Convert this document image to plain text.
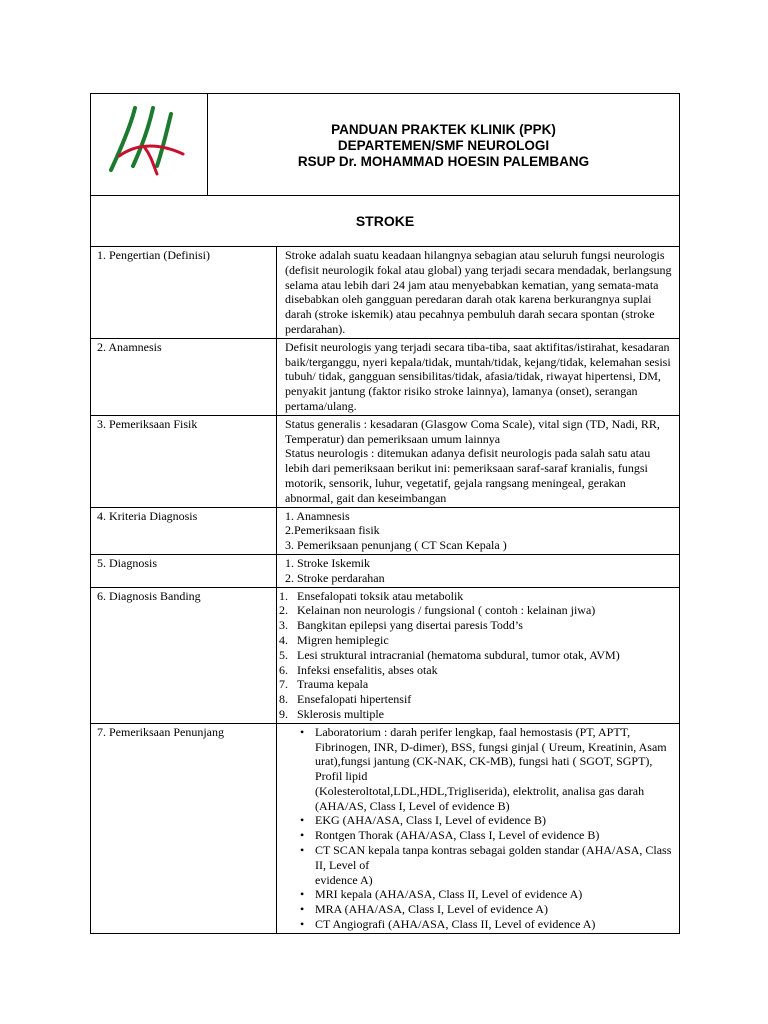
PANDUAN PRAKTEK KLINIK (PPK)
DEPARTEMEN/SMF NEUROLOGI
RSUP Dr. MOHAMMAD HOESIN PALEMBANG
STROKE
1. Pengertian (Definisi)	Stroke adalah suatu keadaan hilangnya sebagian atau seluruh fungsi neurologis (defisit neurologik fokal atau global) yang terjadi secara mendadak, berlangsung selama atau lebih dari 24 jam atau menyebabkan kematian, yang semata-mata disebabkan oleh gangguan peredaran darah otak karena berkurangnya suplai darah (stroke iskemik) atau pecahnya pembuluh darah secara spontan (stroke perdarahan).
2. Anamnesis	Defisit neurologis yang terjadi secara tiba-tiba, saat aktifitas/istirahat, kesadaran baik/terganggu, nyeri kepala/tidak, muntah/tidak, kejang/tidak, kelemahan sesisi tubuh/ tidak, gangguan sensibilitas/tidak, afasia/tidak, riwayat hipertensi, DM, penyakit jantung (faktor risiko stroke lainnya), lamanya (onset), serangan pertama/ulang.
3. Pemeriksaan Fisik	Status generalis : kesadaran (Glasgow Coma Scale), vital sign (TD, Nadi, RR, Temperatur) dan pemeriksaan umum lainnya
Status neurologis : ditemukan adanya defisit neurologis pada salah satu atau lebih dari pemeriksaan berikut ini: pemeriksaan saraf-saraf kranialis, fungsi motorik, sensorik, luhur, vegetatif, gejala rangsang meningeal, gerakan abnormal, gait dan keseimbangan
4. Kriteria Diagnosis	1. Anamnesis
2.Pemeriksaan fisik
3. Pemeriksaan penunjang ( CT Scan Kepala )
5. Diagnosis	1. Stroke Iskemik
2. Stroke perdarahan
6. Diagnosis Banding	1. Ensefalopati toksik atau metabolik
2. Kelainan non neurologis / fungsional ( contoh : kelainan jiwa)
3. Bangkitan epilepsi yang disertai paresis Todd’s
4. Migren hemiplegic
5. Lesi struktural intracranial (hematoma subdural, tumor otak, AVM)
6. Infeksi ensefalitis, abses otak
7. Trauma kepala
8. Ensefalopati hipertensif
9. Sklerosis multiple
7. Pemeriksaan Penunjang	• Laboratorium : darah perifer lengkap, faal hemostasis (PT, APTT, Fibrinogen, INR, D-dimer), BSS, fungsi ginjal ( Ureum, Kreatinin, Asam urat),fungsi jantung (CK-NAK, CK-MB), fungsi hati ( SGOT, SGPT), Profil lipid
(Kolesteroltotal,LDL,HDL,Trigliserida), elektrolit, analisa gas darah (AHA/AS, Class I, Level of evidence B)
• EKG (AHA/ASA, Class I, Level of evidence B)
• Rontgen Thorak (AHA/ASA, Class I, Level of evidence B)
• CT SCAN kepala tanpa kontras sebagai golden standar (AHA/ASA, Class II, Level of
evidence A)
• MRI kepala (AHA/ASA, Class II, Level of evidence A)
• MRA (AHA/ASA, Class I, Level of evidence A)
• CT Angiografi (AHA/ASA, Class II, Level of evidence A)
